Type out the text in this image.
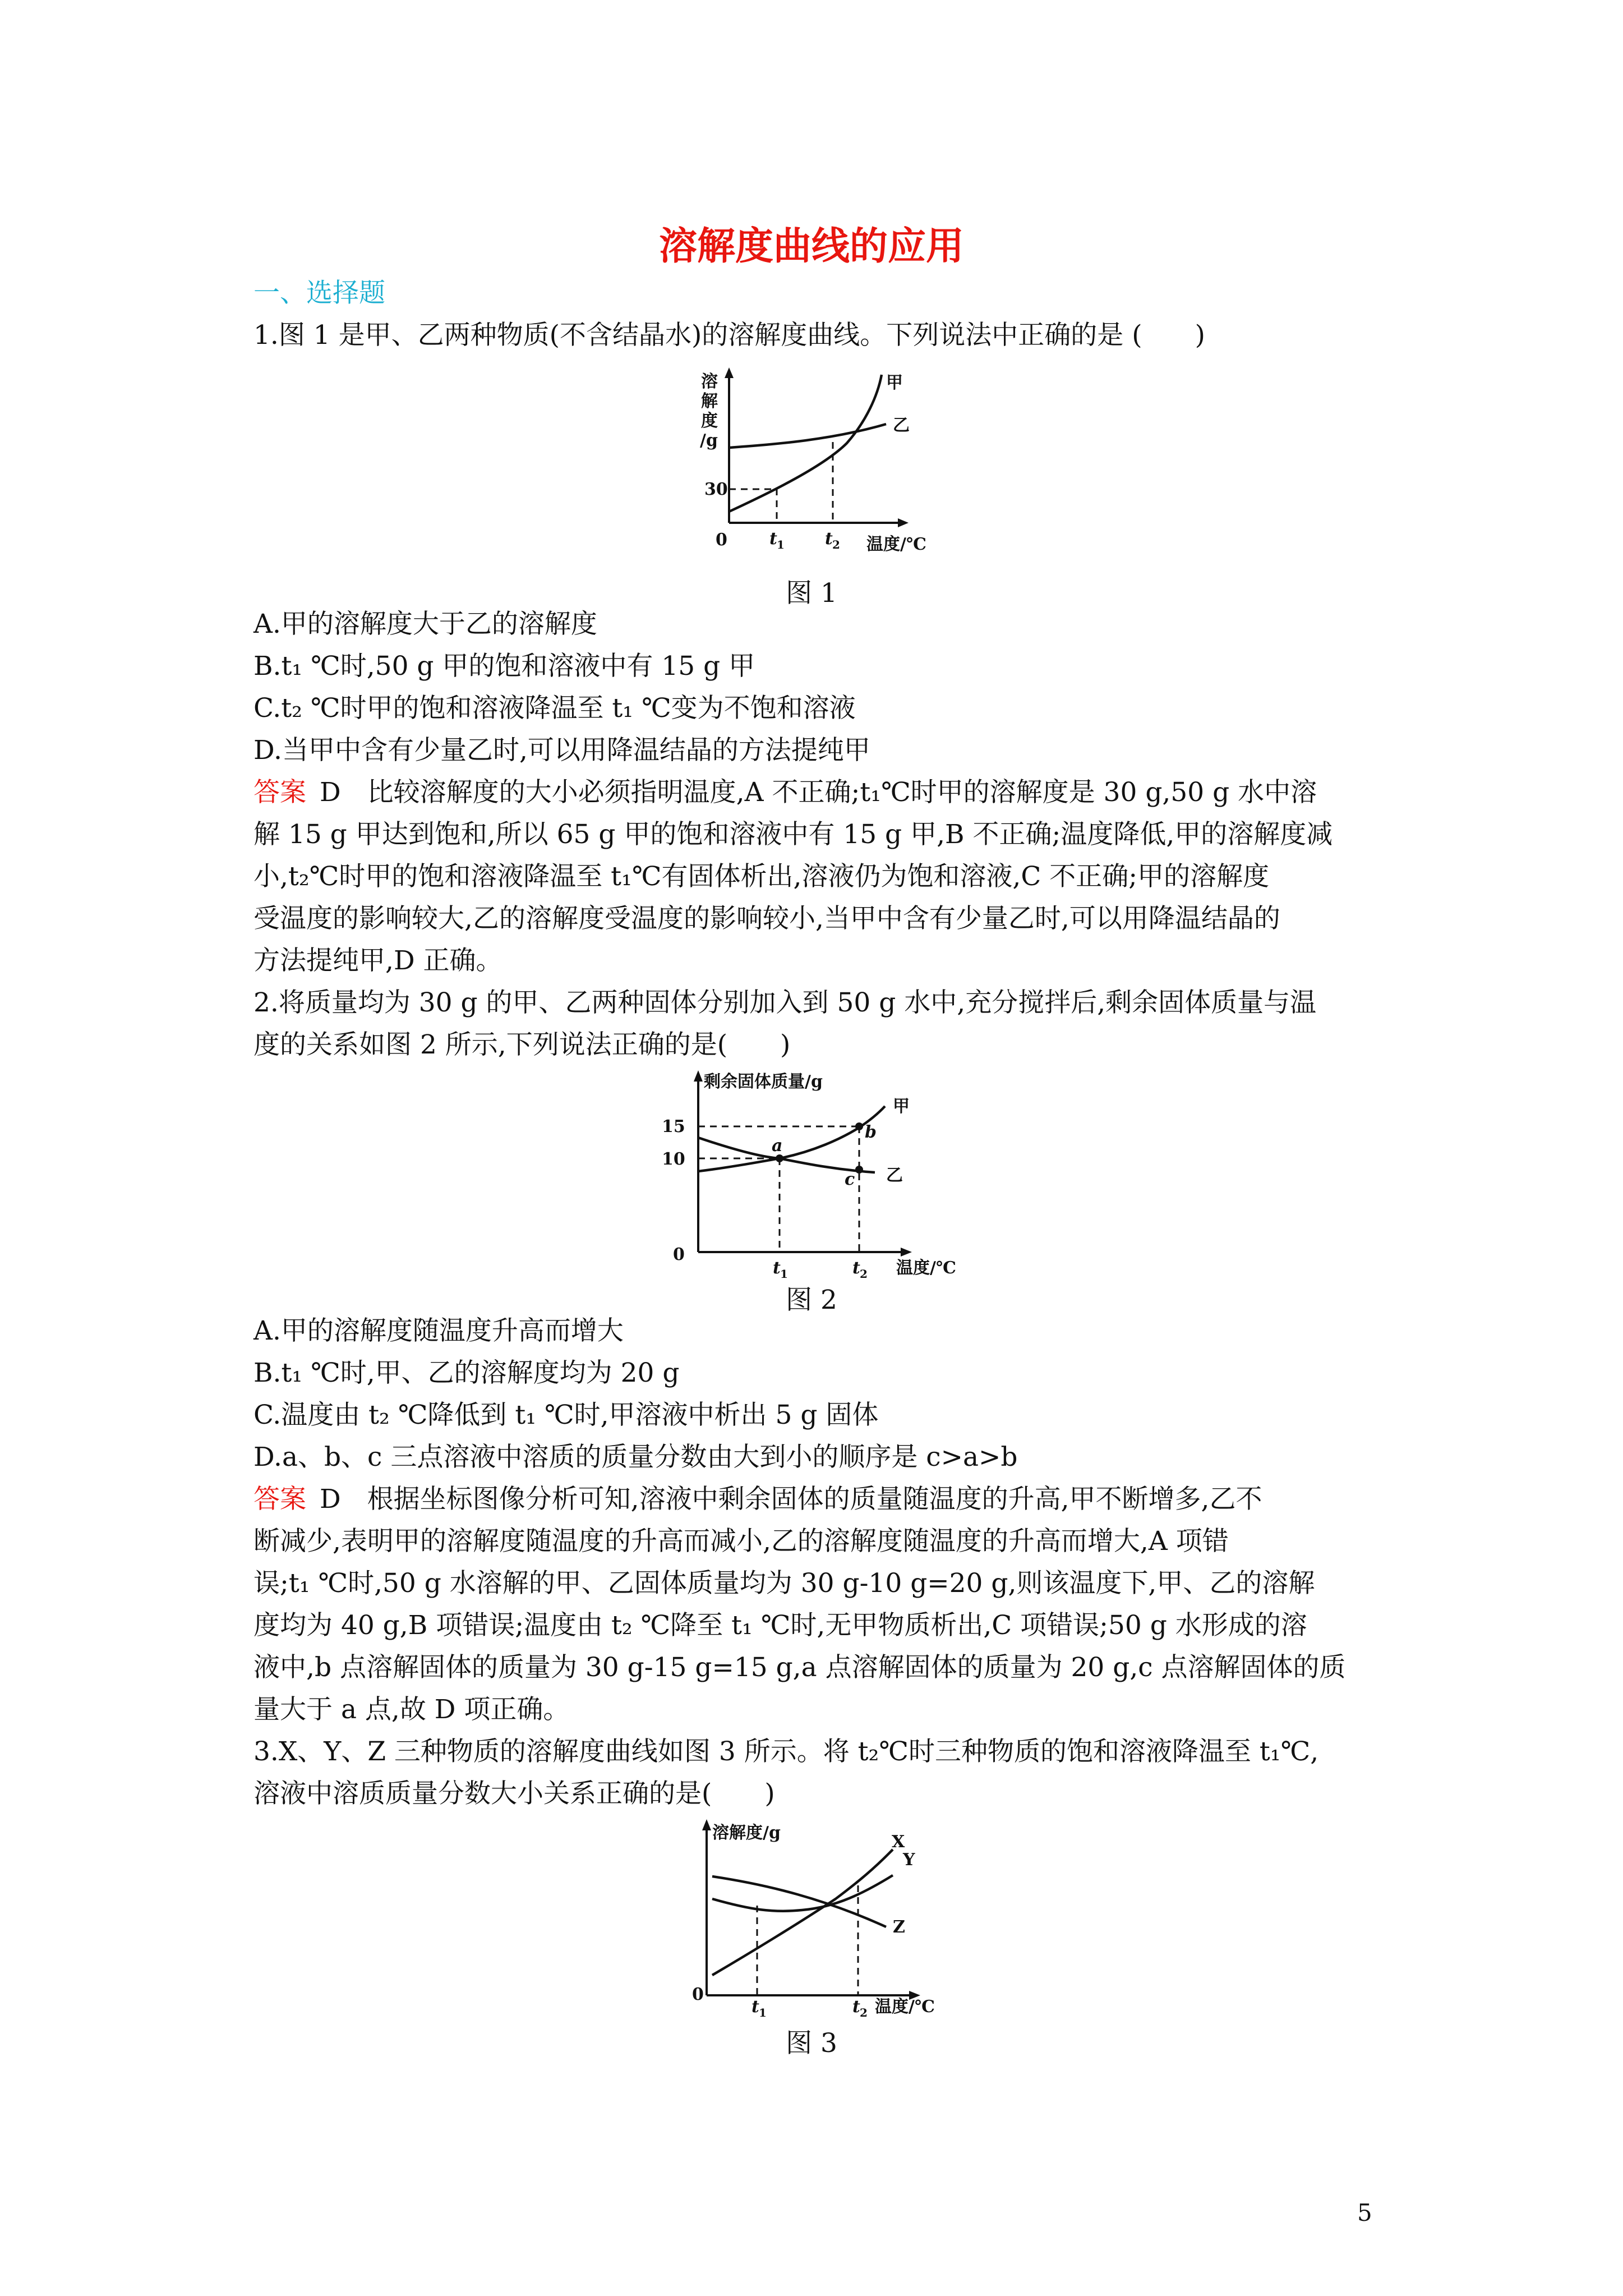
溶解度曲线的应用
一、选择题
1.图 1 是甲、乙两种物质(不含结晶水)的溶解度曲线。下列说法中正确的是 (　　)
溶
解
度
/g
30
0	t 1 t 2 温度/℃
甲
乙
图 1
A.甲的溶解度大于乙的溶解度
B.t₁ ℃时,50 g 甲的饱和溶液中有 15 g 甲
C.t₂ ℃时甲的饱和溶液降温至 t₁ ℃变为不饱和溶液
D.当甲中含有少量乙时,可以用降温结晶的方法提纯甲
答案 D　比较溶解度的大小必须指明温度,A 不正确;t₁℃时甲的溶解度是 30 g,50 g 水中溶
解 15 g 甲达到饱和,所以 65 g 甲的饱和溶液中有 15 g 甲,B 不正确;温度降低,甲的溶解度减
小,t₂℃时甲的饱和溶液降温至 t₁℃有固体析出,溶液仍为饱和溶液,C 不正确;甲的溶解度
受温度的影响较大,乙的溶解度受温度的影响较小,当甲中含有少量乙时,可以用降温结晶的
方法提纯甲,D 正确。
2.将质量均为 30 g 的甲、乙两种固体分别加入到 50 g 水中,充分搅拌后,剩余固体质量与温
度的关系如图 2 所示,下列说法正确的是(　　)
剩余固体质量/g
15
10
0
t 1	t 2 温度/℃
甲
乙
a
b
c
图 2
A.甲的溶解度随温度升高而增大
B.t₁ ℃时,甲、乙的溶解度均为 20 g
C.温度由 t₂ ℃降低到 t₁ ℃时,甲溶液中析出 5 g 固体
D.a、b、c 三点溶液中溶质的质量分数由大到小的顺序是 c>a>b
答案 D　根据坐标图像分析可知,溶液中剩余固体的质量随温度的升高,甲不断增多,乙不
断减少,表明甲的溶解度随温度的升高而减小,乙的溶解度随温度的升高而增大,A 项错
误;t₁ ℃时,50 g 水溶解的甲、乙固体质量均为 30 g-10 g=20 g,则该温度下,甲、乙的溶解
度均为 40 g,B 项错误;温度由 t₂ ℃降至 t₁ ℃时,无甲物质析出,C 项错误;50 g 水形成的溶
液中,b 点溶解固体的质量为 30 g-15 g=15 g,a 点溶解固体的质量为 20 g,c 点溶解固体的质
量大于 a 点,故 D 项正确。
3.X、Y、Z 三种物质的溶解度曲线如图 3 所示。将 t₂℃时三种物质的饱和溶液降温至 t₁℃,
溶液中溶质质量分数大小关系正确的是(　　)
溶解度/g
0
t 1	t 2 温度/℃
X
Y
Z
图 3
5
